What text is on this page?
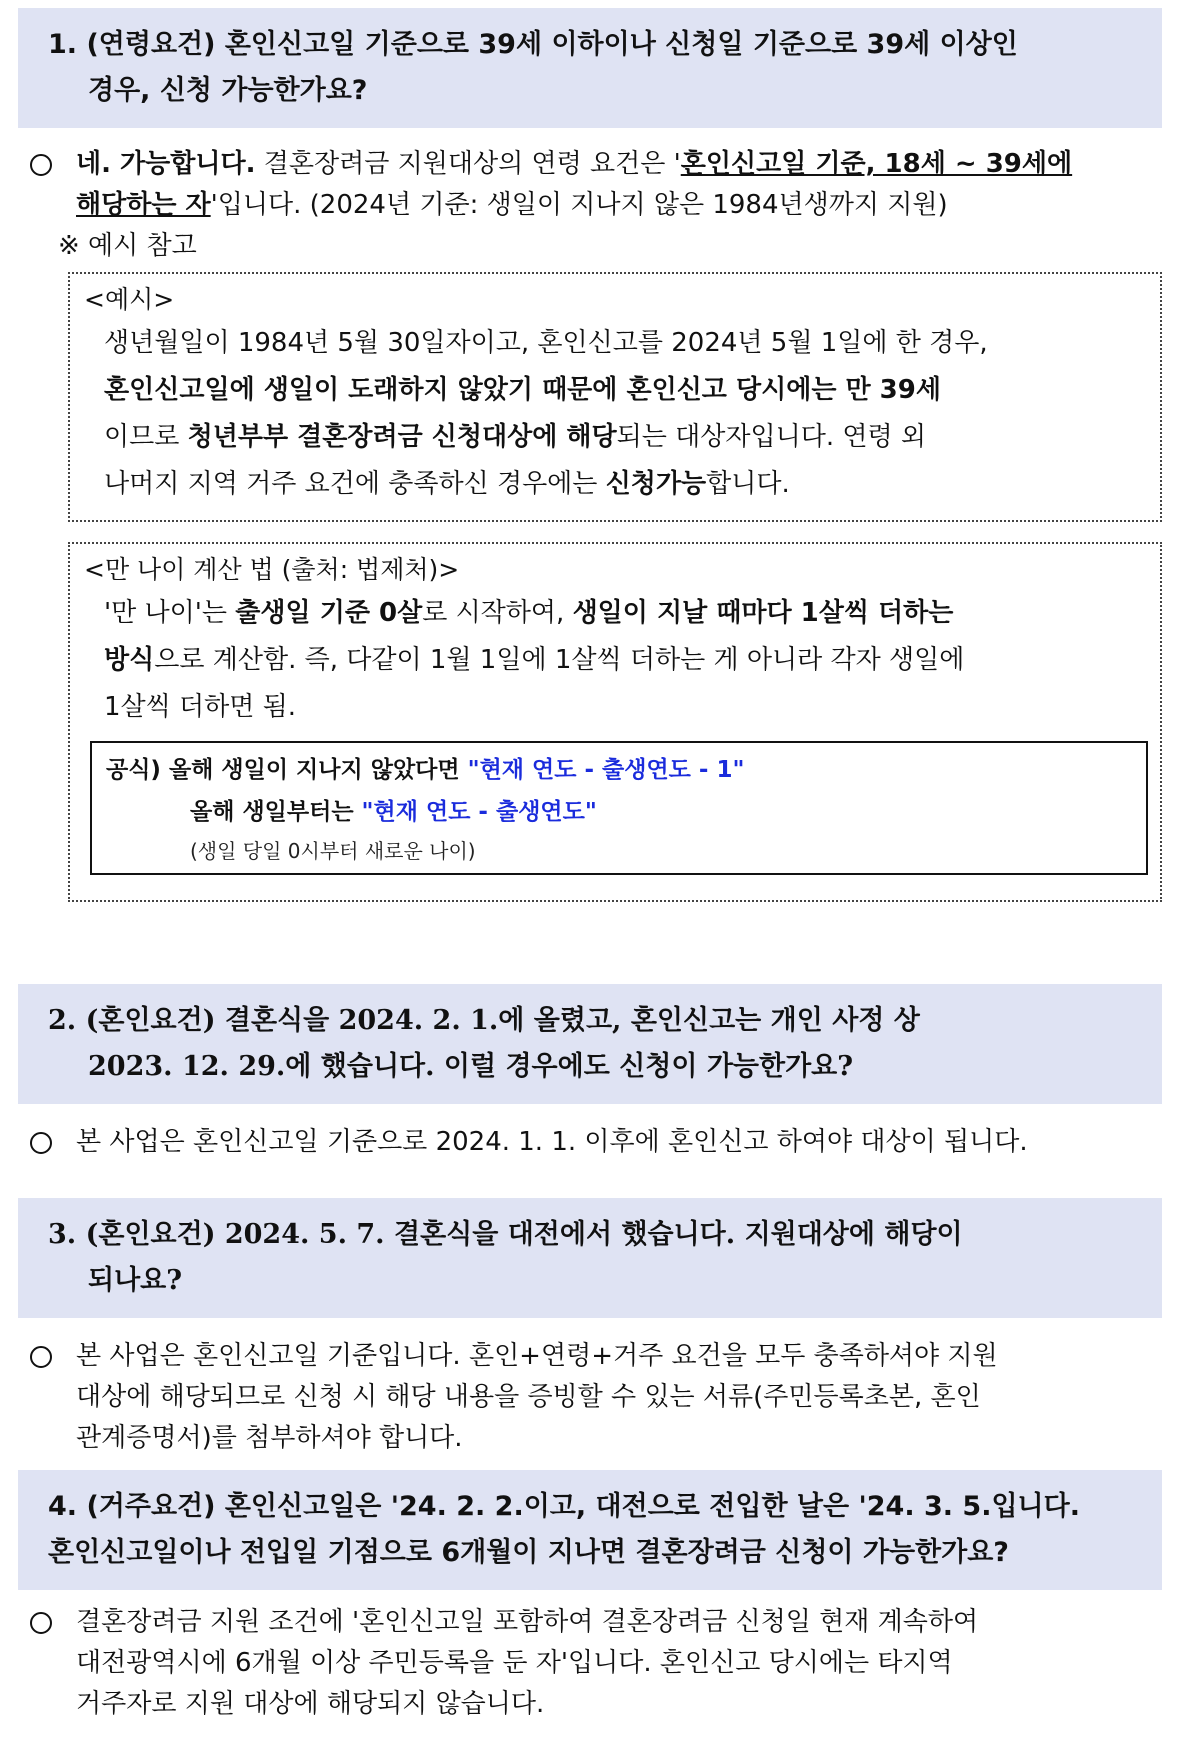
1. (연령요건) 혼인신고일 기준으로 39세 이하이나 신청일 기준으로 39세 이상인
경우, 신청 가능한가요?
네. 가능합니다. 결혼장려금 지원대상의 연령 요건은 '혼인신고일 기준, 18세 ~ 39세에
해당하는 자'입니다. (2024년 기준: 생일이 지나지 않은 1984년생까지 지원)
※ 예시 참고
<예시>
생년월일이 1984년 5월 30일자이고, 혼인신고를 2024년 5월 1일에 한 경우,
혼인신고일에 생일이 도래하지 않았기 때문에 혼인신고 당시에는 만 39세
이므로 청년부부 결혼장려금 신청대상에 해당되는 대상자입니다. 연령 외
나머지 지역 거주 요건에 충족하신 경우에는 신청가능합니다.
<만 나이 계산 법 (출처: 법제처)>
'만 나이'는 출생일 기준 0살로 시작하여, 생일이 지날 때마다 1살씩 더하는
방식으로 계산함. 즉, 다같이 1월 1일에 1살씩 더하는 게 아니라 각자 생일에
1살씩 더하면 됨.
공식) 올해 생일이 지나지 않았다면 "현재 연도 - 출생연도 - 1"
올해 생일부터는 "현재 연도 - 출생연도"
(생일 당일 0시부터 새로운 나이)
2. (혼인요건) 결혼식을 2024. 2. 1.에 올렸고, 혼인신고는 개인 사정 상
2023. 12. 29.에 했습니다. 이럴 경우에도 신청이 가능한가요?
본 사업은 혼인신고일 기준으로 2024. 1. 1. 이후에 혼인신고 하여야 대상이 됩니다.
3. (혼인요건) 2024. 5. 7. 결혼식을 대전에서 했습니다. 지원대상에 해당이
되나요?
본 사업은 혼인신고일 기준입니다. 혼인+연령+거주 요건을 모두 충족하셔야 지원
대상에 해당되므로 신청 시 해당 내용을 증빙할 수 있는 서류(주민등록초본, 혼인
관계증명서)를 첨부하셔야 합니다.
4. (거주요건) 혼인신고일은 '24. 2. 2.이고, 대전으로 전입한 날은 '24. 3. 5.입니다.
혼인신고일이나 전입일 기점으로 6개월이 지나면 결혼장려금 신청이 가능한가요?
결혼장려금 지원 조건에 '혼인신고일 포함하여 결혼장려금 신청일 현재 계속하여
대전광역시에 6개월 이상 주민등록을 둔 자'입니다. 혼인신고 당시에는 타지역
거주자로 지원 대상에 해당되지 않습니다.
